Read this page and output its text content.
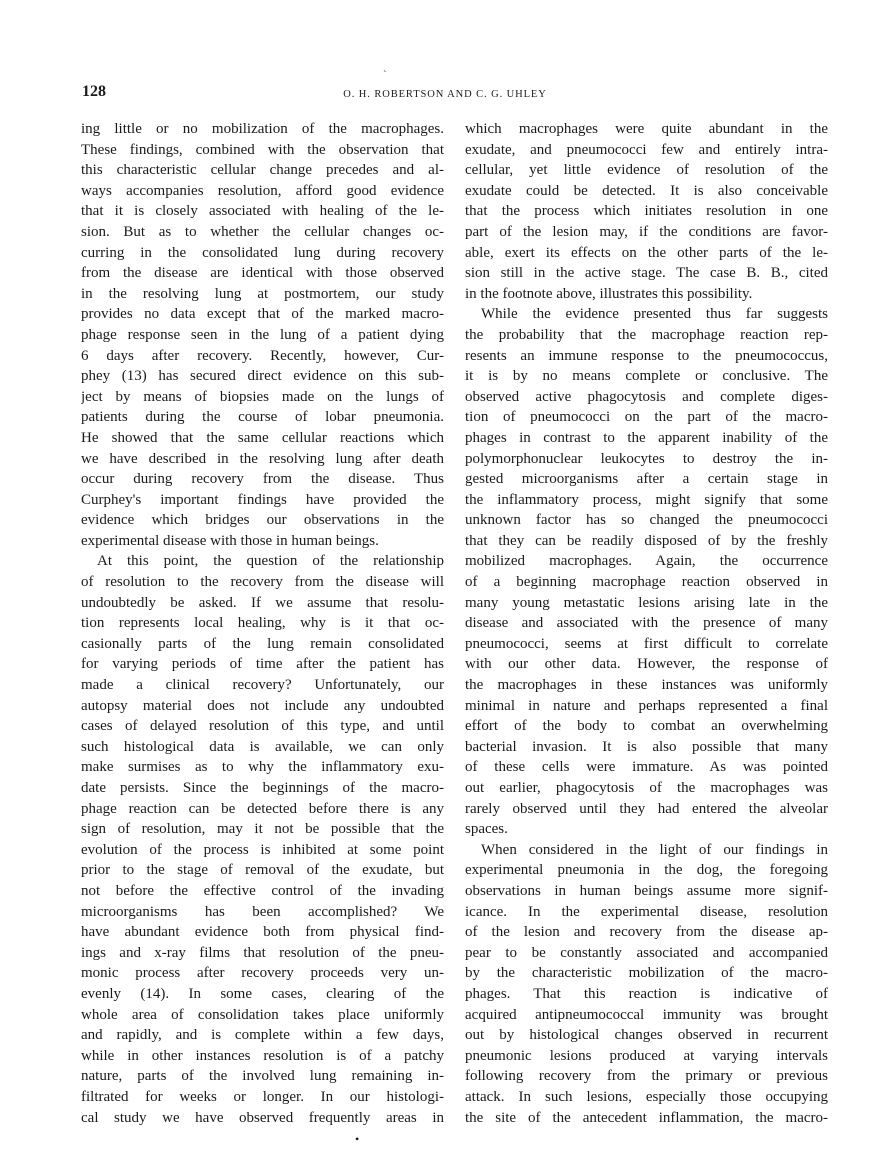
128
`
O. H. ROBERTSON AND C. G. UHLEY
ing little or no mobilization of the macrophages.
These findings, combined with the observation that
this characteristic cellular change precedes and al-
ways accompanies resolution, afford good evidence
that it is closely associated with healing of the le-
sion. But as to whether the cellular changes oc-
curring in the consolidated lung during recovery
from the disease are identical with those observed
in the resolving lung at postmortem, our study
provides no data except that of the marked macro-
phage response seen in the lung of a patient dying
6 days after recovery. Recently, however, Cur-
phey (13) has secured direct evidence on this sub-
ject by means of biopsies made on the lungs of
patients during the course of lobar pneumonia.
He showed that the same cellular reactions which
we have described in the resolving lung after death
occur during recovery from the disease. Thus
Curphey's important findings have provided the
evidence which bridges our observations in the
experimental disease with those in human beings.
At this point, the question of the relationship
of resolution to the recovery from the disease will
undoubtedly be asked. If we assume that resolu-
tion represents local healing, why is it that oc-
casionally parts of the lung remain consolidated
for varying periods of time after the patient has
made a clinical recovery? Unfortunately, our
autopsy material does not include any undoubted
cases of delayed resolution of this type, and until
such histological data is available, we can only
make surmises as to why the inflammatory exu-
date persists. Since the beginnings of the macro-
phage reaction can be detected before there is any
sign of resolution, may it not be possible that the
evolution of the process is inhibited at some point
prior to the stage of removal of the exudate, but
not before the effective control of the invading
microorganisms has been accomplished? We
have abundant evidence both from physical find-
ings and x-ray films that resolution of the pneu-
monic process after recovery proceeds very un-
evenly (14). In some cases, clearing of the
whole area of consolidation takes place uniformly
and rapidly, and is complete within a few days,
while in other instances resolution is of a patchy
nature, parts of the involved lung remaining in-
filtrated for weeks or longer. In our histologi-
cal study we have observed frequently areas in
which macrophages were quite abundant in the
exudate, and pneumococci few and entirely intra-
cellular, yet little evidence of resolution of the
exudate could be detected. It is also conceivable
that the process which initiates resolution in one
part of the lesion may, if the conditions are favor-
able, exert its effects on the other parts of the le-
sion still in the active stage. The case B. B., cited
in the footnote above, illustrates this possibility.
While the evidence presented thus far suggests
the probability that the macrophage reaction rep-
resents an immune response to the pneumococcus,
it is by no means complete or conclusive. The
observed active phagocytosis and complete diges-
tion of pneumococci on the part of the macro-
phages in contrast to the apparent inability of the
polymorphonuclear leukocytes to destroy the in-
gested microorganisms after a certain stage in
the inflammatory process, might signify that some
unknown factor has so changed the pneumococci
that they can be readily disposed of by the freshly
mobilized macrophages. Again, the occurrence
of a beginning macrophage reaction observed in
many young metastatic lesions arising late in the
disease and associated with the presence of many
pneumococci, seems at first difficult to correlate
with our other data. However, the response of
the macrophages in these instances was uniformly
minimal in nature and perhaps represented a final
effort of the body to combat an overwhelming
bacterial invasion. It is also possible that many
of these cells were immature. As was pointed
out earlier, phagocytosis of the macrophages was
rarely observed until they had entered the alveolar
spaces.
When considered in the light of our findings in
experimental pneumonia in the dog, the foregoing
observations in human beings assume more signif-
icance. In the experimental disease, resolution
of the lesion and recovery from the disease ap-
pear to be constantly associated and accompanied
by the characteristic mobilization of the macro-
phages. That this reaction is indicative of
acquired antipneumococcal immunity was brought
out by histological changes observed in recurrent
pneumonic lesions produced at varying intervals
following recovery from the primary or previous
attack. In such lesions, especially those occupying
the site of the antecedent inflammation, the macro-
•
